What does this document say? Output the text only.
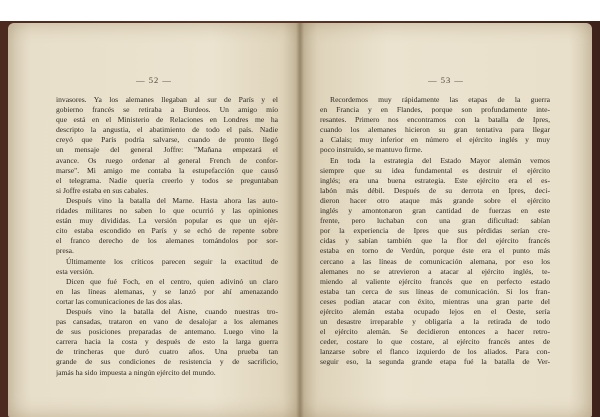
— 52 —
invasores. Ya los alemanes llegaban al sur de París y el
gobierno francés se retiraba a Burdeos. Un amigo mío
que está en el Ministerio de Relaciones en Londres me ha
descripto la angustia, el abatimiento de todo el país. Nadie
creyó que París podría salvarse, cuando de pronto llegó
un mensaje del general Joffre: "Mañana empezará el
avance. Os ruego ordenar al general French de confor-
marse". Mi amigo me contaba la estupefacción que causó
el telegrama. Nadie quería creerlo y todos se preguntaban
si Joffre estaba en sus cabales.
Después vino la batalla del Marne. Hasta ahora las auto-
ridades militares no saben lo que ocurrió y las opiniones
están muy divididas. La versión popular es que un ejér-
cito estaba escondido en París y se echó de repente sobre
el franco derecho de los alemanes tomándolos por sor-
presa.
Últimamente los críticos parecen seguir la exactitud de
esta versión.
Dicen que fué Foch, en el centro, quien adivinó un claro
en las líneas alemanas, y se lanzó por ahí amenazando
cortar las comunicaciones de las dos alas.
Después vino la batalla del Aisne, cuando nuestras tro-
pas cansadas, trataron en vano de desalojar a los alemanes
de sus posiciones preparadas de antemano. Luego vino la
carrera hacia la costa y después de esto la larga guerra
de trincheras que duró cuatro años. Una prueba tan
grande de sus condiciones de resistencia y de sacrificio,
jamás ha sido impuesta a ningún ejército del mundo.
— 53 —
Recordemos muy rápidamente las etapas de la guerra
en Francia y en Flandes, porque son profundamente inte-
resantes. Primero nos encontramos con la batalla de Ipres,
cuando los alemanes hicieron su gran tentativa para llegar
a Calais; muy inferior en número el ejército inglés y muy
poco instruído, se mantuvo firme.
En toda la estrategia del Estado Mayor alemán vemos
siempre que su idea fundamental es destruir el ejército
inglés; era una buena estrategia. Este ejército era el es-
labón más débil. Después de su derrota en Ipres, deci-
dieron hacer otro ataque más grande sobre el ejército
inglés y amontonaron gran cantidad de fuerzas en este
frente, pero luchaban con una gran dificultad: sabían
por la experiencia de Ipres que sus pérdidas serían cre-
cidas y sabían también que la flor del ejército francés
estaba en torno de Verdún, porque éste era el punto más
cercano a las líneas de comunicación alemana, por eso los
alemanes no se atrevieron a atacar al ejército inglés, te-
miendo al valiente ejército francés que en perfecto estado
estaba tan cerca de sus líneas de comunicación. Si los fran-
ceses podían atacar con éxito, mientras una gran parte del
ejército alemán estaba ocupado lejos en el Oeste, sería
un desastre irreparable y obligaría a la retirada de todo
el ejército alemán. Se decidieron entonces a hacer retro-
ceder, costare lo que costare, al ejército francés antes de
lanzarse sobre el flanco izquierdo de los aliados. Para con-
seguir eso, la segunda grande etapa fué la batalla de Ver-
